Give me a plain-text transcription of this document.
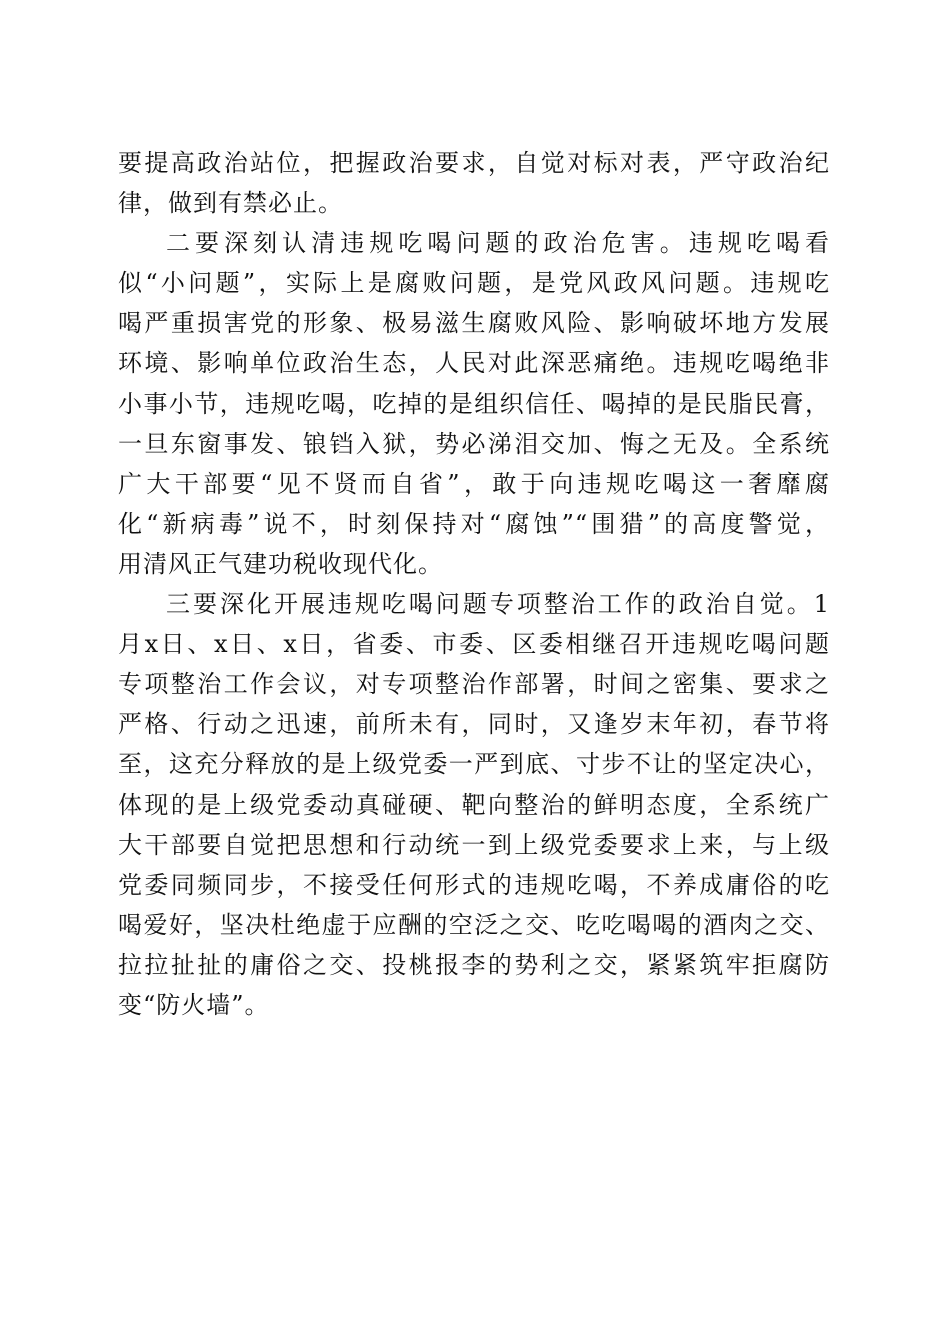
要提高政治站位，把握政治要求，自觉对标对表，严守政治纪
律，做到有禁必止。
二要深刻认清违规吃喝问题的政治危害。违规吃喝看
似“小问题”，实际上是腐败问题，是党风政风问题。违规吃
喝严重损害党的形象、极易滋生腐败风险、影响破坏地方发展
环境、影响单位政治生态，人民对此深恶痛绝。违规吃喝绝非
小事小节，违规吃喝，吃掉的是组织信任、喝掉的是民脂民膏，
一旦东窗事发、锒铛入狱，势必涕泪交加、悔之无及。全系统
广大干部要“见不贤而自省”，敢于向违规吃喝这一奢靡腐
化“新病毒”说不，时刻保持对“腐蚀”“围猎”的高度警觉，
用清风正气建功税收现代化。
三要深化开展违规吃喝问题专项整治工作的政治自觉。1
月x日、x日、x日，省委、市委、区委相继召开违规吃喝问题
专项整治工作会议，对专项整治作部署，时间之密集、要求之
严格、行动之迅速，前所未有，同时，又逢岁末年初，春节将
至，这充分释放的是上级党委一严到底、寸步不让的坚定决心，
体现的是上级党委动真碰硬、靶向整治的鲜明态度，全系统广
大干部要自觉把思想和行动统一到上级党委要求上来，与上级
党委同频同步，不接受任何形式的违规吃喝，不养成庸俗的吃
喝爱好，坚决杜绝虚于应酬的空泛之交、吃吃喝喝的酒肉之交、
拉拉扯扯的庸俗之交、投桃报李的势利之交，紧紧筑牢拒腐防
变“防火墙”。
